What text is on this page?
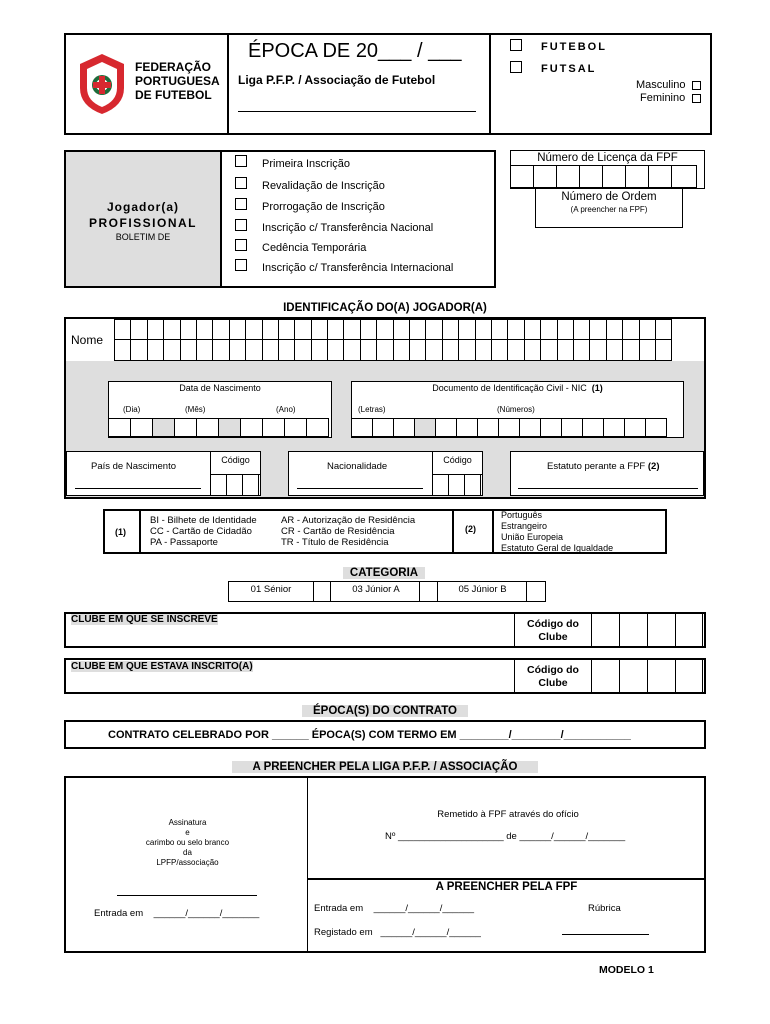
FEDERAÇÃO
PORTUGUESA
DE FUTEBOL
ÉPOCA DE 20___ / ___
Liga P.F.P. / Associação de Futebol
FUTEBOL
FUTSAL
Masculino
Feminino
Jogador(a)
PROFISSIONAL
BOLETIM DE
Primeira Inscrição
Revalidação de Inscrição
Prorrogação de Inscrição
Inscrição c/ Transferência Nacional
Cedência Temporária
Inscrição c/ Transferência Internacional
Número de Licença da FPF
Número de Ordem
(A preencher na FPF)
IDENTIFICAÇÃO DO(A) JOGADOR(A)
Nome
Data de Nascimento
(Dia)	(Mês)	(Ano)
Documento de Identificação Civil - NIC (1)
(Letras)	(Números)
País de Nascimento
Código
Nacionalidade
Código
Estatuto perante a FPF (2)
(1)
BI - Bilhete de Identidade
CC - Cartão de Cidadão
PA - Passaporte
AR - Autorização de Residência
CR - Cartão de Residência
TR - Título de Residência
(2)
Português
Estrangeiro
União Europeia
Estatuto Geral de Igualdade
CATEGORIA
01 Sénior	03 Júnior A	05 Júnior B
CLUBE EM QUE SE INSCREVE	Código do
Clube
CLUBE EM QUE ESTAVA INSCRITO(A)	Código do
Clube
ÉPOCA(S) DO CONTRATO
CONTRATO CELEBRADO POR ______ ÉPOCA(S) COM TERMO EM ________/________/___________
A PREENCHER PELA LIGA P.F.P. / ASSOCIAÇÃO
Assinatura
e
carimbo ou selo branco
da
LPFP/associação
Entrada em    ______/______/_______
Remetido à FPF através do ofício
Nº ____________________ de ______/______/_______
A PREENCHER PELA FPF
Entrada em    ______/______/______	Rúbrica
Registado em   ______/______/______
MODELO 1
